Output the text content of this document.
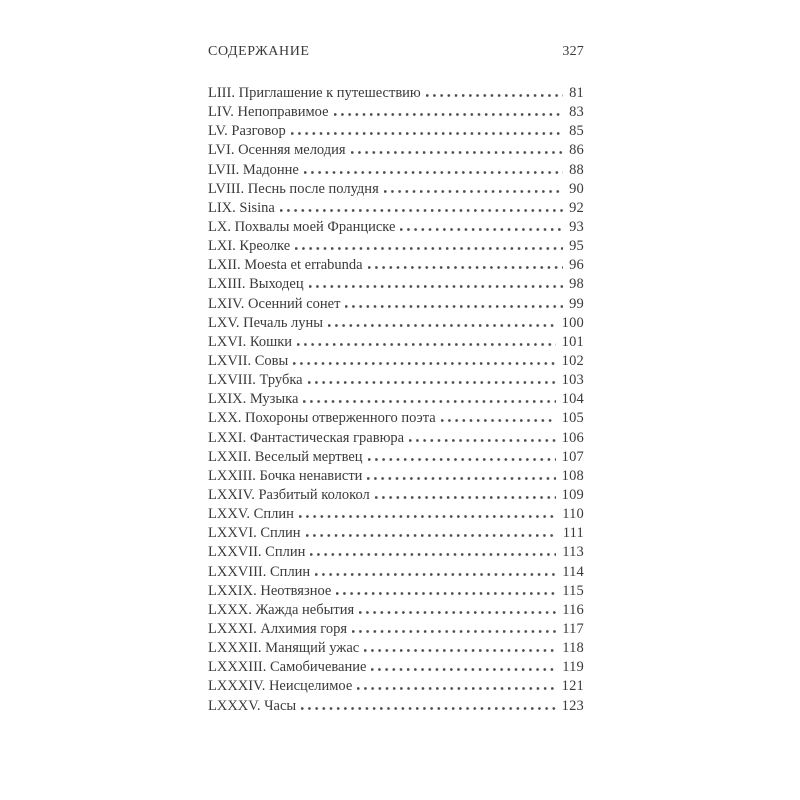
СОДЕРЖАНИЕ	327
LIII. Приглашение к путешествию	81
LIV. Непоправимое	83
LV. Разговор	85
LVI. Осенняя мелодия	86
LVII. Мадонне	88
LVIII. Песнь после полудня	90
LIX. Sisina	92
LX. Похвалы моей Франциске	93
LXI. Креолке	95
LXII. Moesta et errabunda	96
LXIII. Выходец	98
LXIV. Осенний сонет	99
LXV. Печаль луны	100
LXVI. Кошки	101
LXVII. Совы	102
LXVIII. Трубка	103
LXIX. Музыка	104
LXX. Похороны отверженного поэта	105
LXXI. Фантастическая гравюра	106
LXXII. Веселый мертвец	107
LXXIII. Бочка ненависти	108
LXXIV. Разбитый колокол	109
LXXV. Сплин	110
LXXVI. Сплин	111
LXXVII. Сплин	113
LXXVIII. Сплин	114
LXXIX. Неотвязное	115
LXXX. Жажда небытия	116
LXXXI. Алхимия горя	117
LXXXII. Манящий ужас	118
LXXXIII. Самобичевание	119
LXXXIV. Неисцелимое	121
LXXXV. Часы	123
